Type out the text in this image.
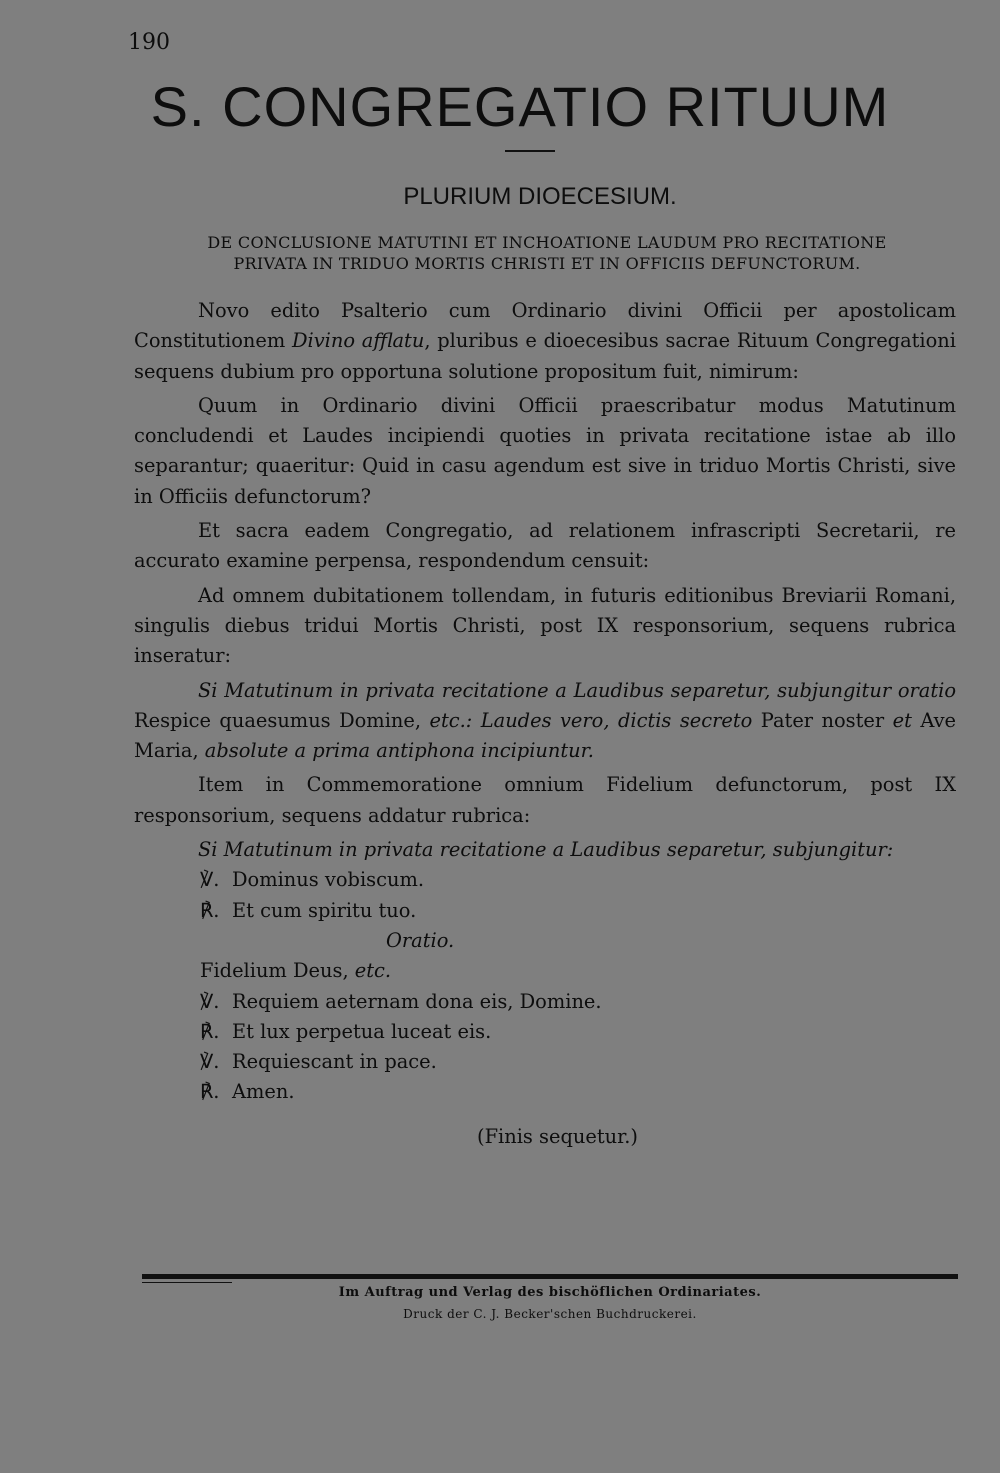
190
S. CONGREGATIO RITUUM
PLURIUM DIOECESIUM.
DE CONCLUSIONE MATUTINI ET INCHOATIONE LAUDUM PRO RECITATIONE
PRIVATA IN TRIDUO MORTIS CHRISTI ET IN OFFICIIS DEFUNCTORUM.

Novo edito Psalterio cum Ordinario divini Officii per apostolicam Constitutionem Divino afflatu, pluribus e dioecesibus sacrae Rituum Congregationi sequens dubium pro opportuna solutione propositum fuit, nimirum:

Quum in Ordinario divini Officii praescribatur modus Matutinum concludendi et Laudes incipiendi quoties in privata recitatione istae ab illo separantur; quaeritur: Quid in casu agendum est sive in triduo Mortis Christi, sive in Officiis defunctorum?

Et sacra eadem Congregatio, ad relationem infrascripti Secretarii, re accurato examine perpensa, respondendum censuit:

Ad omnem dubitationem tollendam, in futuris editionibus Breviarii Romani, singulis diebus tridui Mortis Christi, post IX responsorium, sequens rubrica inseratur:

Si Matutinum in privata recitatione a Laudibus separetur, subjungitur oratio Respice quaesumus Domine, etc.: Laudes vero, dictis secreto Pater noster et Ave Maria, absolute a prima antiphona incipiuntur.

Item in Commemoratione omnium Fidelium defunctorum, post IX responsorium, sequens addatur rubrica:

Si Matutinum in privata recitatione a Laudibus separetur, subjungitur:

℣. Dominus vobiscum.
℟. Et cum spiritu tuo.
Oratio.
Fidelium Deus, etc.
℣. Requiem aeternam dona eis, Domine.
℟. Et lux perpetua luceat eis.
℣. Requiescant in pace.
℟. Amen.
(Finis sequetur.)
Im Auftrag und Verlag des bischöflichen Ordinariates.
Druck der C. J. Becker'schen Buchdruckerei.
